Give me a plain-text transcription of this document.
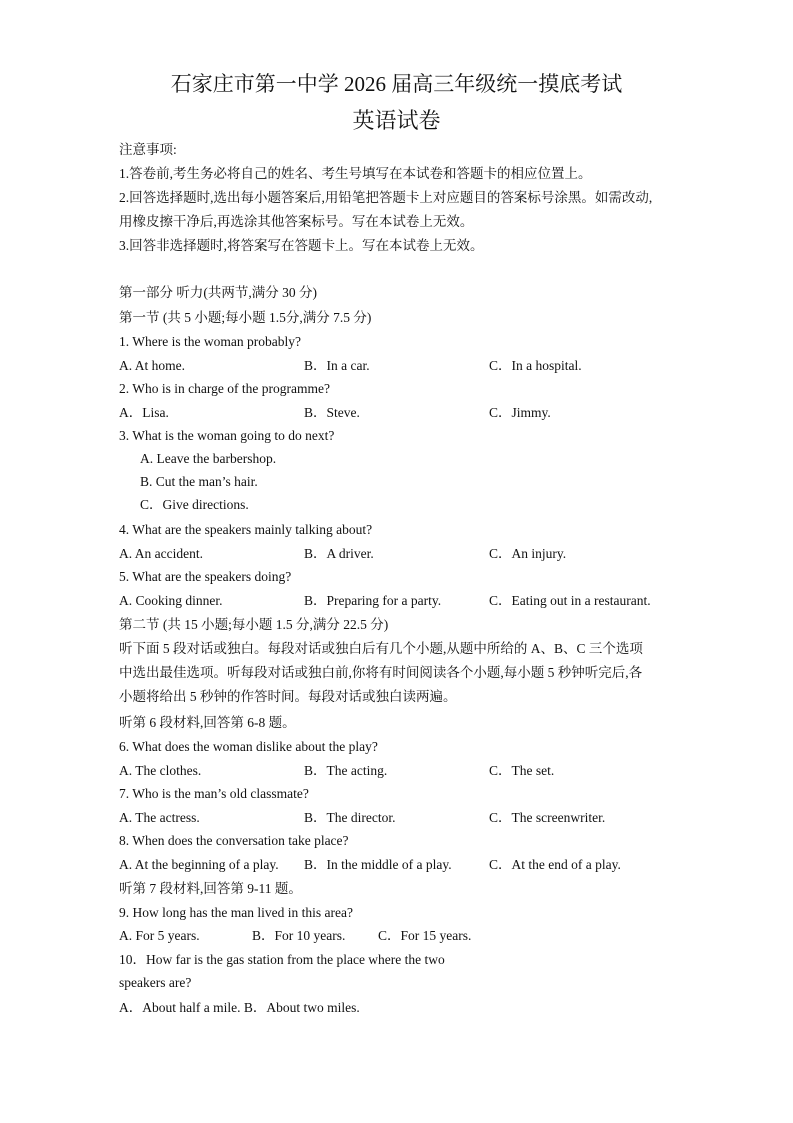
石家庄市第一中学 2026 届高三年级统一摸底考试
英语试卷
注意事项:
1.答卷前,考生务必将自己的姓名、考生号填写在本试卷和答题卡的相应位置上。
2.回答选择题时,选出每小题答案后,用铅笔把答题卡上对应题目的答案标号涂黑。如需改动,
用橡皮擦干净后,再选涂其他答案标号。写在本试卷上无效。
3.回答非选择题时,将答案写在答题卡上。写在本试卷上无效。
第一部分 听力(共两节,满分 30 分)
第一节 (共 5 小题;每小题 1.5分,满分 7.5 分)
1. Where is the woman probably?
A. At home.	B．In a car.	C．In a hospital.
2. Who is in charge of the programme?
A．Lisa.	B．Steve.	C．Jimmy.
3. What is the woman going to do next?
A. Leave the barbershop.
B. Cut the man’s hair.
C．Give directions.
4. What are the speakers mainly talking about?
A. An accident.	B．A driver.	C．An injury.
5. What are the speakers doing?
A. Cooking dinner.	B．Preparing for a party.	C．Eating out in a restaurant.
第二节 (共 15 小题;每小题 1.5 分,满分 22.5 分)
听下面 5 段对话或独白。每段对话或独白后有几个小题,从题中所给的 A、B、C 三个选项
中选出最佳选项。听每段对话或独白前,你将有时间阅读各个小题,每小题 5 秒钟听完后,各
小题将给出 5 秒钟的作答时间。每段对话或独白读两遍。
听第 6 段材料,回答第 6-8 题。
6. What does the woman dislike about the play?
A. The clothes.	B．The acting.	C．The set.
7. Who is the man’s old classmate?
A. The actress.	B．The director.	C．The screenwriter.
8. When does the conversation take place?
A. At the beginning of a play. B．In the middle of a play.	C．At the end of a play.
听第 7 段材料,回答第 9-11 题。
9. How long has the man lived in this area?
A. For 5 years.	B．For 10 years. C．For 15 years.
10．How far is the gas station from the place where the two
speakers are?
A．About half a mile. B．About two miles.
